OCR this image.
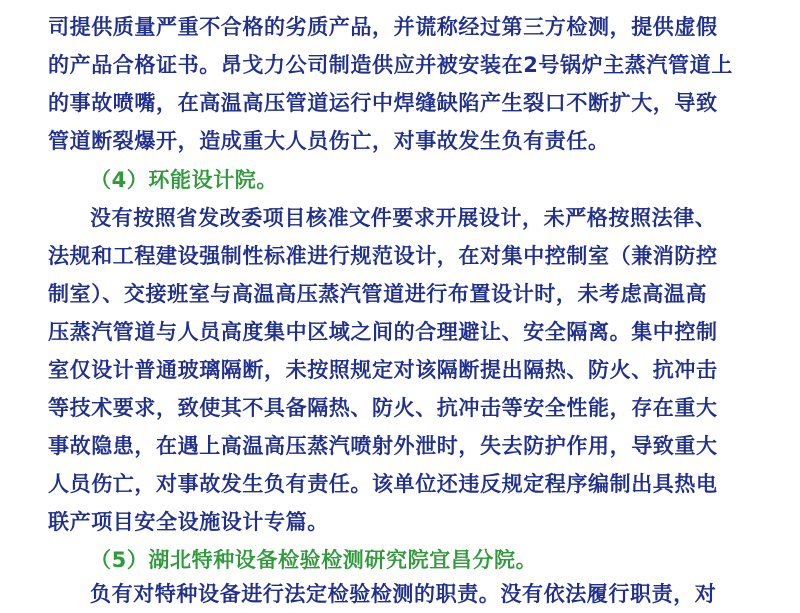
司提供质量严重不合格的劣质产品，并谎称经过第三方检测，提供虚假
的产品合格证书。昂戈力公司制造供应并被安装在2号锅炉主蒸汽管道上
的事故喷嘴，在高温高压管道运行中焊缝缺陷产生裂口不断扩大，导致
管道断裂爆开，造成重大人员伤亡，对事故发生负有责任。
（4）环能设计院。
没有按照省发改委项目核准文件要求开展设计，未严格按照法律、
法规和工程建设强制性标准进行规范设计，在对集中控制室（兼消防控
制室）、交接班室与高温高压蒸汽管道进行布置设计时，未考虑高温高
压蒸汽管道与人员高度集中区域之间的合理避让、安全隔离。集中控制
室仅设计普通玻璃隔断，未按照规定对该隔断提出隔热、防火、抗冲击
等技术要求，致使其不具备隔热、防火、抗冲击等安全性能，存在重大
事故隐患，在遇上高温高压蒸汽喷射外泄时，失去防护作用，导致重大
人员伤亡，对事故发生负有责任。该单位还违反规定程序编制出具热电
联产项目安全设施设计专篇。
（5）湖北特种设备检验检测研究院宜昌分院。
负有对特种设备进行法定检验检测的职责。没有依法履行职责，对
